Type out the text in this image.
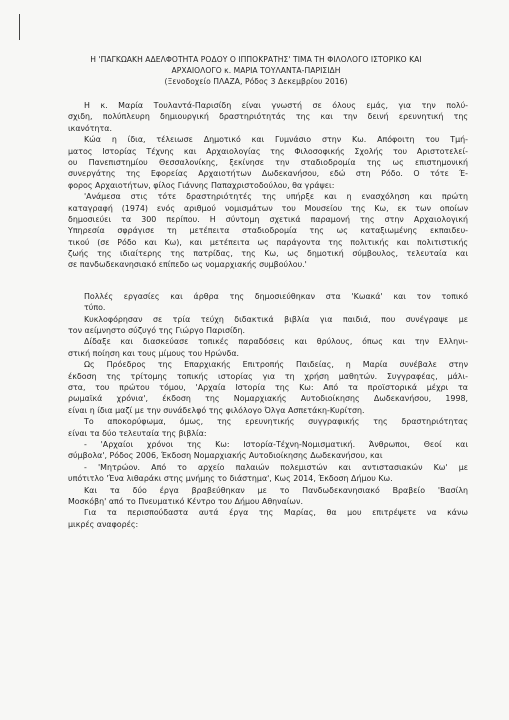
Η 'ΠΑΓΚΩΑΚΗ ΑΔΕΛΦΟΤΗΤΑ ΡΟΔΟΥ Ο ΙΠΠΟΚΡΑΤΗΣ' ΤΙΜΑ ΤΗ ΦΙΛΟΛΟΓΟ ΙΣΤΟΡΙΚΟ ΚΑΙ
ΑΡΧΑΙΟΛΟΓΟ κ. ΜΑΡΙΑ ΤΟΥΛΑΝΤΑ-ΠΑΡΙΣΙΔΗ
(Ξενοδοχείο ΠΛΑΖΑ, Ρόδος 3 Δεκεμβρίου 2016)
Η κ. Μαρία Τουλαντά-Παρισίδη είναι γνωστή σε όλους εμάς, για την πολύ-
σχιδη, πολύπλευρη δημιουργική δραστηριότητάς της και την δεινή ερευνητική της
ικανότητα.
Κώα η ίδια, τέλειωσε Δημοτικό και Γυμνάσιο στην Κω. Απόφοιτη του Τμή-
ματος Ιστορίας Τέχνης και Αρχαιολογίας της Φιλοσοφικής Σχολής του Αριστοτελεί-
ου Πανεπιστημίου Θεσσαλονίκης, ξεκίνησε την σταδιοδρομία της ως επιστημονική
συνεργάτης της Εφορείας Αρχαιοτήτων Δωδεκανήσου, εδώ στη Ρόδο. Ο τότε Έ-
φορος Αρχαιοτήτων, φίλος Γιάννης Παπαχριστοδούλου, θα γράψει:
'Ανάμεσα στις τότε δραστηριότητές της υπήρξε και η ενασχόληση και πρώτη
καταγραφή (1974) ενός αριθμού νομισμάτων του Μουσείου της Κω, εκ των οποίων
δημοσιεύει τα 300 περίπου. Η σύντομη σχετικά παραμονή της στην Αρχαιολογική
Υπηρεσία σφράγισε τη μετέπειτα σταδιοδρομία της ως καταξιωμένης εκπαιδευ-
τικού (σε Ρόδο και Κω), και μετέπειτα ως παράγοντα της πολιτικής και πολιτιστικής
ζωής της ιδιαίτερης της πατρίδας, της Κω, ως δημοτική σύμβουλος, τελευταία και
σε πανδωδεκανησιακό επίπεδο ως νομαρχιακής συμβούλου.'
Πολλές εργασίες και άρθρα της δημοσιεύθηκαν στα 'Κωακά' και τον τοπικό
τύπο.
Κυκλοφόρησαν σε τρία τεύχη διδακτικά βιβλία για παιδιά, που συνέγραψε με
τον αείμνηστο σύζυγό της Γιώργο Παρισίδη.
Δίδαξε και διασκεύασε τοπικές παραδόσεις και θρύλους, όπως και την Ελληνι-
στική ποίηση και τους μίμους του Ηρώνδα.
Ως Πρόεδρος της Επαρχιακής Επιτροπής Παιδείας, η Μαρία συνέβαλε στην
έκδοση της τρίτομης τοπικής ιστορίας για τη χρήση μαθητών. Συγγραφέας, μάλι-
στα, του πρώτου τόμου, 'Αρχαία Ιστορία της Κω: Από τα προϊστορικά μέχρι τα
ρωμαϊκά χρόνια', έκδοση της Νομαρχιακής Αυτοδιοίκησης Δωδεκανήσου, 1998,
είναι η ίδια μαζί με την συνάδελφό της φιλόλογο Όλγα Ασπετάκη-Κυρίτση.
Το αποκορύφωμα, όμως, της ερευνητικής συγγραφικής της δραστηριότητας
είναι τα δύο τελευταία της βιβλία:
- 'Αρχαίοι χρόνοι της Κω: Ιστορία-Τέχνη-Νομισματική. Άνθρωποι, Θεοί και
σύμβολα', Ρόδος 2006, Έκδοση Νομαρχιακής Αυτοδιοίκησης Δωδεκανήσου, και
- 'Μητρώον. Από το αρχείο παλαιών πολεμιστών και αντιστασιακών Κω' με
υπότιτλο 'Ένα λιθαράκι στης μνήμης το διάστημα', Κως 2014, Έκδοση Δήμου Κω.
Και τα δύο έργα βραβεύθηκαν με το Πανδωδεκανησιακό Βραβείο 'Βασίλη
Μοσκόβη' από το Πνευματικό Κέντρο του Δήμου Αθηναίων.
Για τα περισπούδαστα αυτά έργα της Μαρίας, θα μου επιτρέψετε να κάνω
μικρές αναφορές:
